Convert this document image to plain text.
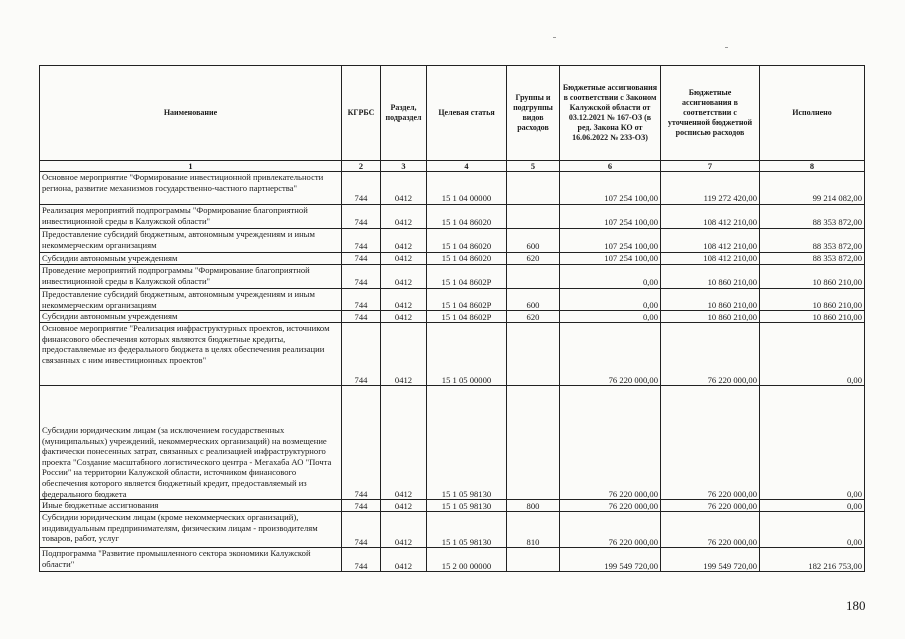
Наименование	КГРБС	Раздел, подраздел	Целевая статья	Группы и подгруппы видов расходов	Бюджетные ассигнования в соответствии с Законом Калужской области от 03.12.2021 № 167-ОЗ (в ред. Закона КО от 16.06.2022 № 233-ОЗ)	Бюджетные ассигнования в соответствии с уточненной бюджетной росписью расходов	Исполнено
1	2	3	4	5	6	7	8
Основное мероприятие "Формирование инвестиционной привлекательности региона, развитие механизмов государственно-частного партнерства"	744	0412	15 1 04 00000		107 254 100,00	119 272 420,00	99 214 082,00
Реализация мероприятий подпрограммы "Формирование благоприятной инвестиционной среды в Калужской области"	744	0412	15 1 04 86020		107 254 100,00	108 412 210,00	88 353 872,00
Предоставление субсидий бюджетным, автономным учреждениям и иным некоммерческим организациям	744	0412	15 1 04 86020	600	107 254 100,00	108 412 210,00	88 353 872,00
Субсидии автономным учреждениям	744	0412	15 1 04 86020	620	107 254 100,00	108 412 210,00	88 353 872,00
Проведение мероприятий подпрограммы "Формирование благоприятной инвестиционной среды в Калужской области"	744	0412	15 1 04 8602Р		0,00	10 860 210,00	10 860 210,00
Предоставление субсидий бюджетным, автономным учреждениям и иным некоммерческим организациям	744	0412	15 1 04 8602Р	600	0,00	10 860 210,00	10 860 210,00
Субсидии автономным учреждениям	744	0412	15 1 04 8602Р	620	0,00	10 860 210,00	10 860 210,00
Основное мероприятие "Реализация инфраструктурных проектов, источником финансового обеспечения которых являются бюджетные кредиты, предоставляемые из федерального бюджета в целях обеспечения реализации связанных с ним инвестиционных проектов"	744	0412	15 1 05 00000		76 220 000,00	76 220 000,00	0,00
Субсидии юридическим лицам (за исключением государственных (муниципальных) учреждений, некоммерческих организаций) на возмещение фактически понесенных затрат, связанных с реализацией инфраструктурного проекта "Создание масштабного логистического центра - Мегахаба АО "Почта России" на территории Калужской области, источником финансового обеспечения которого является бюджетный кредит, предоставляемый из федерального бюджета	744	0412	15 1 05 98130		76 220 000,00	76 220 000,00	0,00
Иные бюджетные ассигнования	744	0412	15 1 05 98130	800	76 220 000,00	76 220 000,00	0,00
Субсидии юридическим лицам (кроме некоммерческих организаций), индивидуальным предпринимателям, физическим лицам - производителям товаров, работ, услуг	744	0412	15 1 05 98130	810	76 220 000,00	76 220 000,00	0,00
Подпрограмма "Развитие промышленного сектора экономики Калужской области"	744	0412	15 2 00 00000		199 549 720,00	199 549 720,00	182 216 753,00
180
